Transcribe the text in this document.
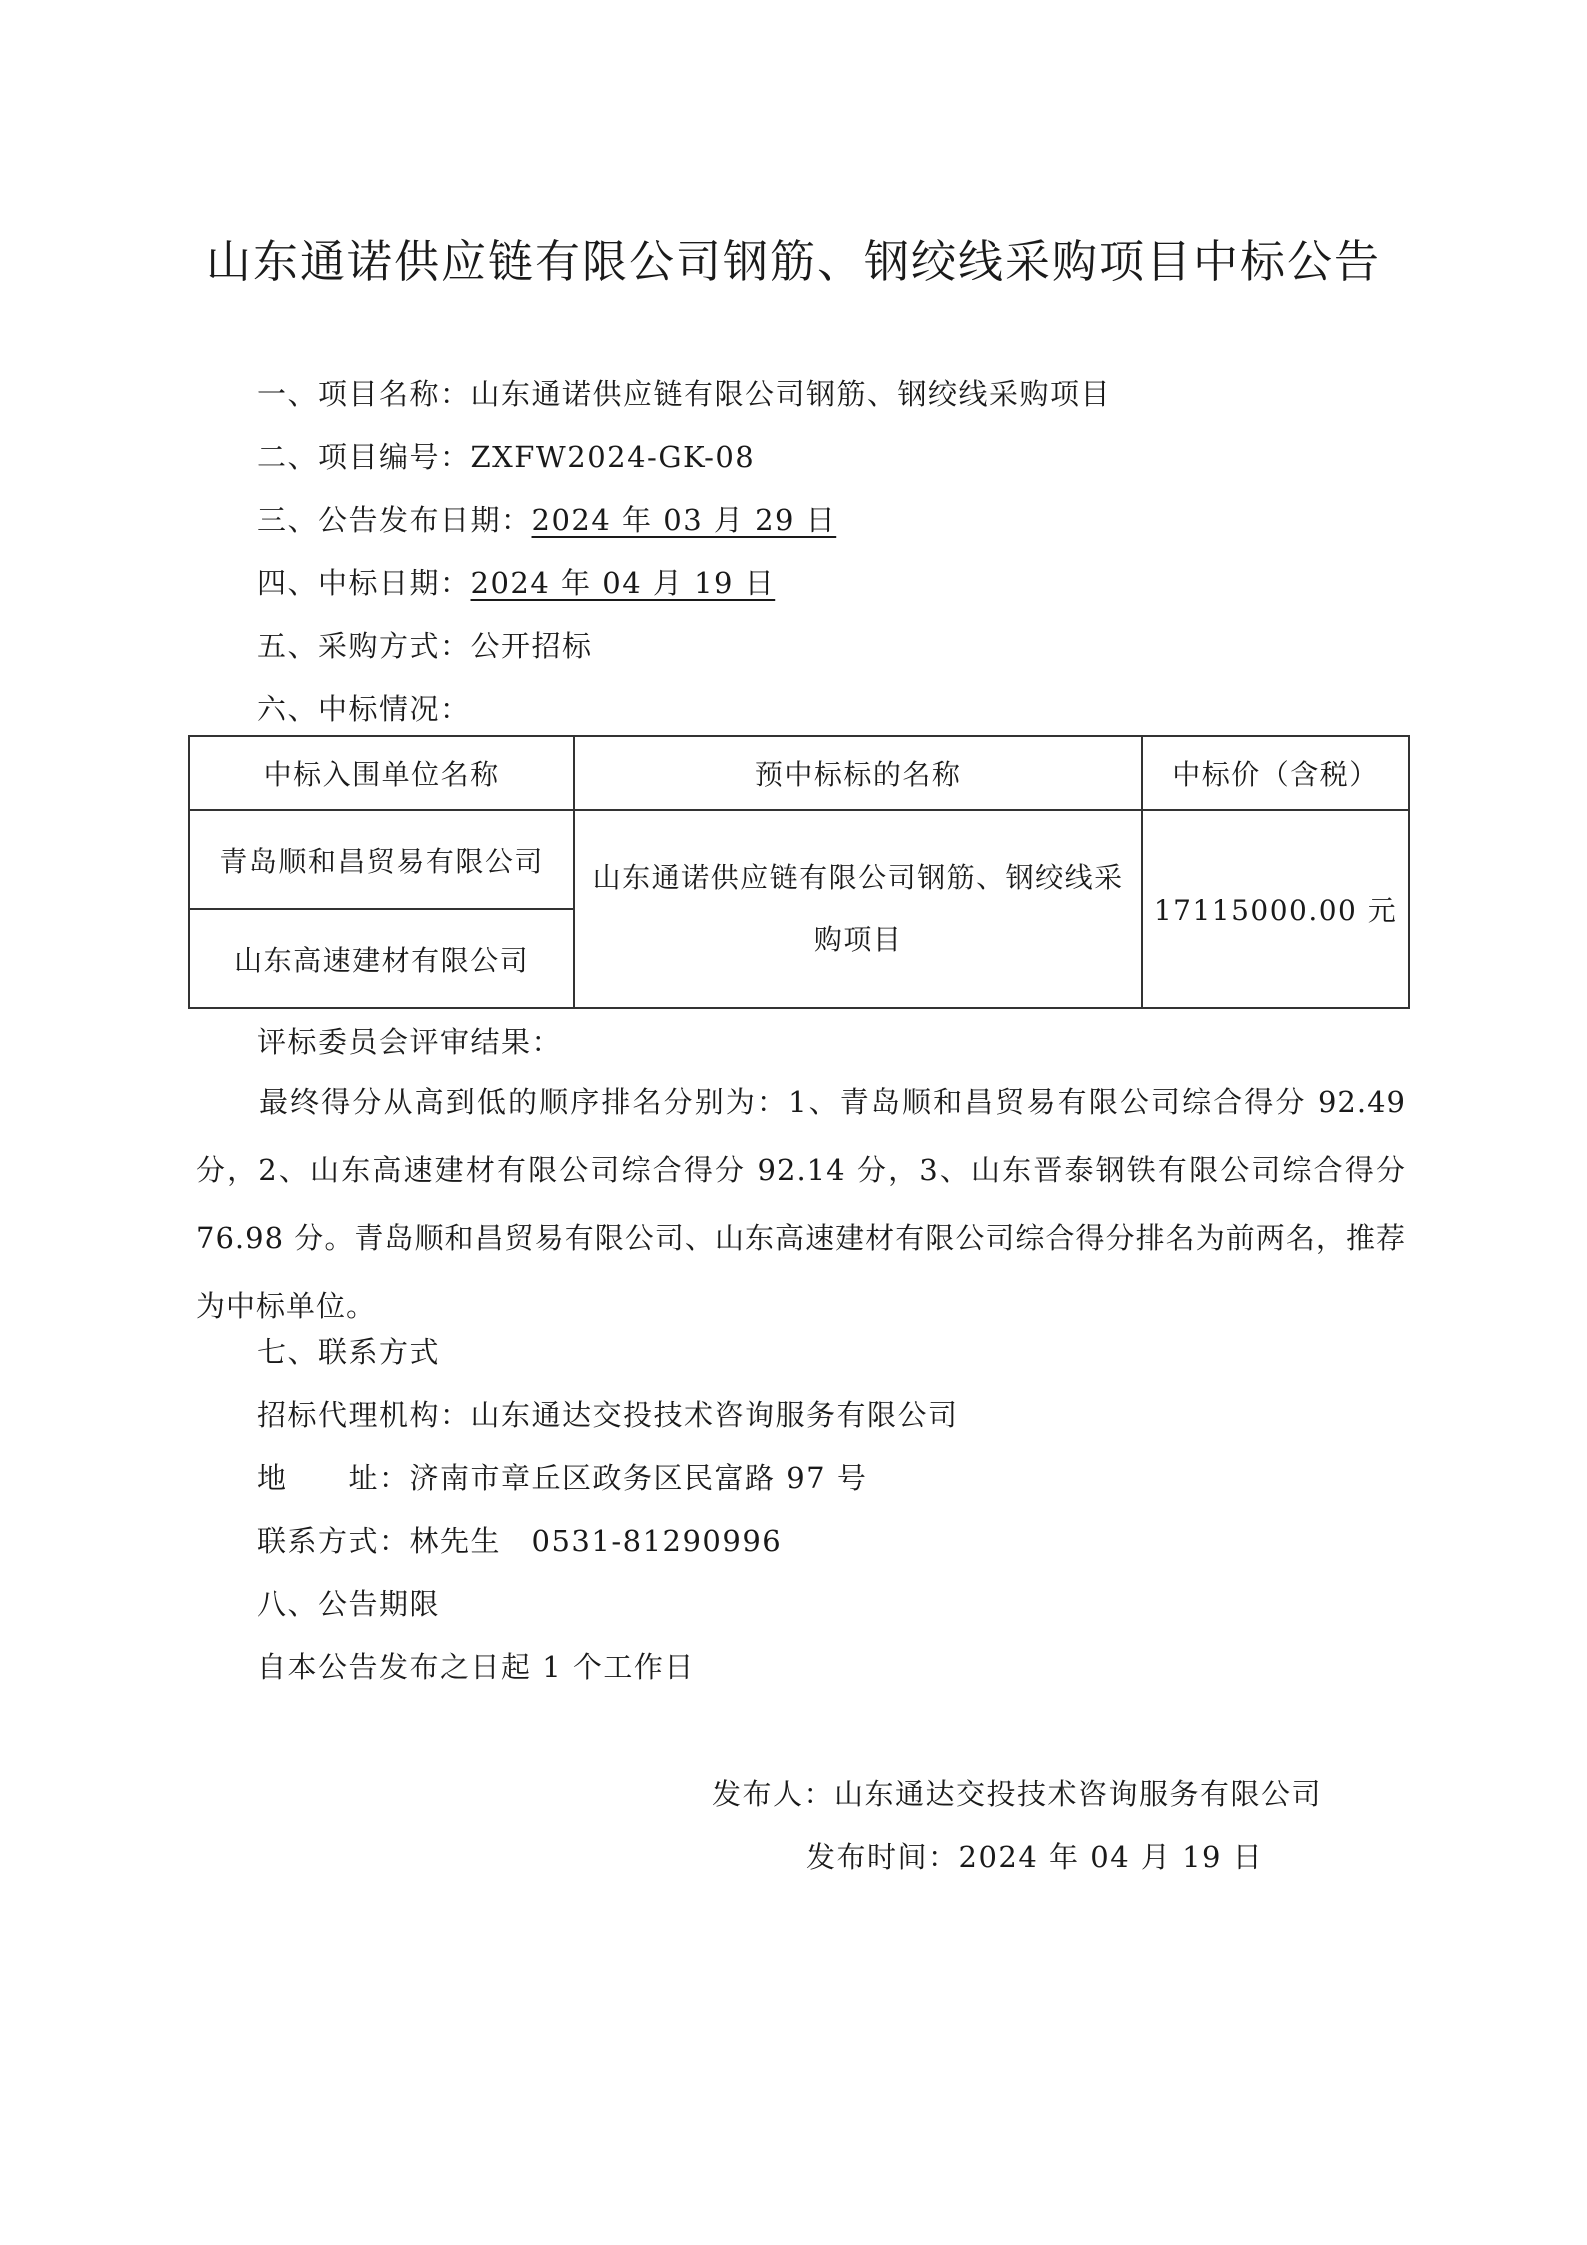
山东通诺供应链有限公司钢筋、钢绞线采购项目中标公告
一、项目名称：山东通诺供应链有限公司钢筋、钢绞线采购项目
二、项目编号：ZXFW2024-GK-08
三、公告发布日期：2024 年 03 月 29 日
四、中标日期：2024 年 04 月 19 日
五、采购方式：公开招标
六、中标情况：
中标入围单位名称	预中标标的名称	中标价（含税）
青岛顺和昌贸易有限公司	山东通诺供应链有限公司钢筋、钢绞线采购项目	17115000.00 元
山东高速建材有限公司		
评标委员会评审结果：
最终得分从高到低的顺序排名分别为：1、青岛顺和昌贸易有限公司综合得分 92.49 分，2、山东高速建材有限公司综合得分 92.14 分，3、山东晋泰钢铁有限公司综合得分 76.98 分。青岛顺和昌贸易有限公司、山东高速建材有限公司综合得分排名为前两名，推荐为中标单位。
七、联系方式
招标代理机构：山东通达交投技术咨询服务有限公司
地　　址：济南市章丘区政务区民富路 97 号
联系方式：林先生　0531-81290996
八、公告期限
自本公告发布之日起 1 个工作日
发布人：山东通达交投技术咨询服务有限公司
发布时间：2024 年 04 月 19 日
